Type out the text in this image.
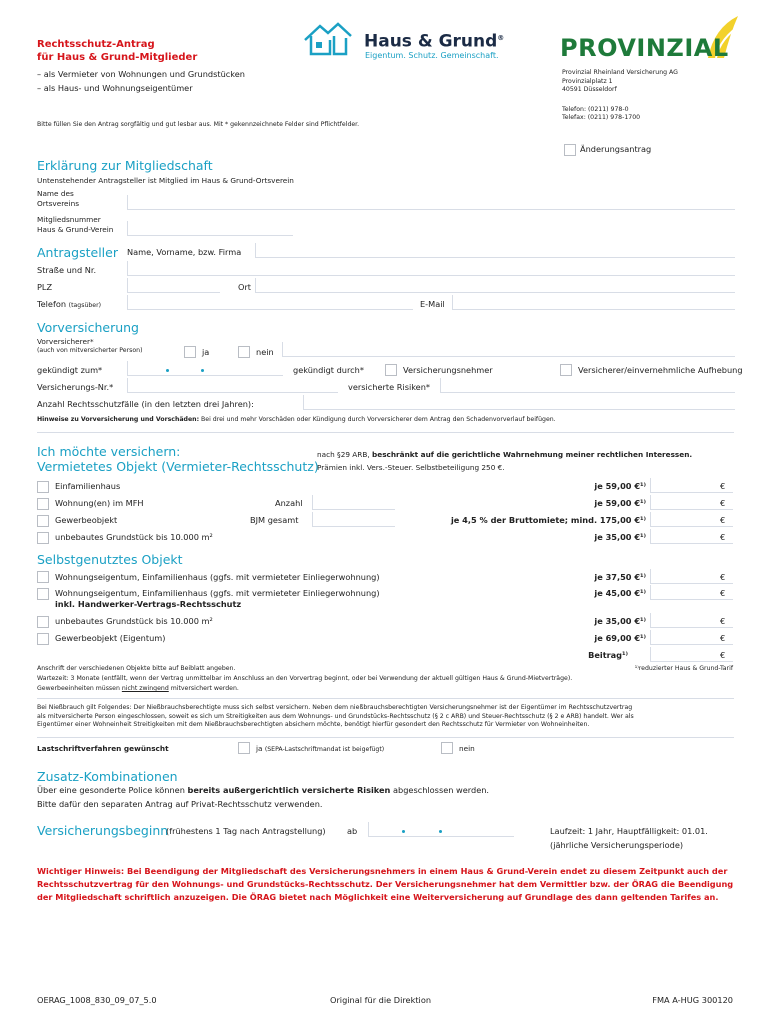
Rechtsschutz-Antrag
für Haus & Grund-Mitglieder
– als Vermieter von Wohnungen und Grundstücken
– als Haus- und Wohnungseigentümer
Bitte füllen Sie den Antrag sorgfältig und gut lesbar aus. Mit * gekennzeichnete Felder sind Pflichtfelder.
Haus & Grund®
Eigentum. Schutz. Gemeinschaft.	PROVINZIAL
Provinzial Rheinland Versicherung AG
Provinzialplatz 1
40591 Düsseldorf
Telefon: (0211) 978-0
Telefax: (0211) 978-1700
Änderungsantrag
Erklärung zur Mitgliedschaft
Untenstehender Antragsteller ist Mitglied im Haus & Grund-Ortsverein
Name des
Ortsvereins
Mitgliedsnummer
Haus & Grund-Verein
Antragsteller Name, Vorname, bzw. Firma
Straße und Nr.
PLZ	Ort
Telefon (tagsüber)	E-Mail
Vorversicherung
Vorversicherer*
(auch von mitversicherter Person)	ja	nein
gekündigt zum*	gekündigt durch*	Versicherungsnehmer	Versicherer/einvernehmliche Aufhebung
Versicherungs-Nr.*	versicherte Risiken*
Anzahl Rechtsschutzfälle (in den letzten drei Jahren):
Hinweise zu Vorversicherung und Vorschäden: Bei drei und mehr Vorschäden oder Kündigung durch Vorversicherer dem Antrag den Schadenvorverlauf beifügen.
Ich möchte versichern:
Vermietetes Objekt (Vermieter-Rechtsschutz)
nach §29 ARB, beschränkt auf die gerichtliche Wahrnehmung meiner rechtlichen Interessen.
Prämien inkl. Vers.-Steuer. Selbstbeteiligung 250 €.
Einfamilienhaus	je 59,00 €¹⁾	€
Wohnung(en) im MFH	Anzahl	je 59,00 €¹⁾	€
Gewerbeobjekt	BJM gesamt	je 4,5 % der Bruttomiete; mind. 175,00 €¹⁾	€
unbebautes Grundstück bis 10.000 m²	je 35,00 €¹⁾	€
Selbstgenutztes Objekt
Wohnungseigentum, Einfamilienhaus (ggfs. mit vermieteter Einliegerwohnung)	je 37,50 €¹⁾	€
Wohnungseigentum, Einfamilienhaus (ggfs. mit vermieteter Einliegerwohnung)
inkl. Handwerker-Vertrags-Rechtsschutz
je 45,00 €¹⁾	€
unbebautes Grundstück bis 10.000 m²	je 35,00 €¹⁾	€
Gewerbeobjekt (Eigentum)	je 69,00 €¹⁾	€
Beitrag¹⁾	€
Anschrift der verschiedenen Objekte bitte auf Beiblatt angeben.	¹⁾reduzierter Haus & Grund-Tarif
Wartezeit: 3 Monate (entfällt, wenn der Vertrag unmittelbar im Anschluss an den Vorvertrag beginnt, oder bei Verwendung der aktuell gültigen Haus & Grund-Mietverträge).
Gewerbeeinheiten müssen nicht zwingend mitversichert werden.
Bei Nießbrauch gilt Folgendes: Der Nießbrauchsberechtigte muss sich selbst versichern. Neben dem nießbrauchsberechtigten Versicherungsnehmer ist der Eigentümer im Rechtsschutzvertrag
als mitversicherte Person eingeschlossen, soweit es sich um Streitigkeiten aus dem Wohnungs- und Grundstücks-Rechtsschutz (§ 2 c ARB) und Steuer-Rechtsschutz (§ 2 e ARB) handelt. Wer als
Eigentümer einer Wohneinheit Streitigkeiten mit dem Nießbrauchsberechtigten absichern möchte, benötigt hierfür gesondert den Rechtsschutz für Vermieter von Wohneinheiten.
Lastschriftverfahren gewünscht	ja (SEPA-Lastschriftmandat ist beigefügt)	nein
Zusatz-Kombinationen
Über eine gesonderte Police können bereits außergerichtlich versicherte Risiken abgeschlossen werden.
Bitte dafür den separaten Antrag auf Privat-Rechtsschutz verwenden.
Versicherungsbeginn
(frühestens 1 Tag nach Antragstellung)	ab	Laufzeit: 1 Jahr, Hauptfälligkeit: 01.01.
(jährliche Versicherungsperiode)
Wichtiger Hinweis: Bei Beendigung der Mitgliedschaft des Versicherungsnehmers in einem Haus & Grund-Verein endet zu diesem Zeitpunkt auch der
Rechtsschutzvertrag für den Wohnungs- und Grundstücks-Rechtsschutz. Der Versicherungsnehmer hat dem Vermittler bzw. der ÖRAG die Beendigung
der Mitgliedschaft schriftlich anzuzeigen. Die ÖRAG bietet nach Möglichkeit eine Weiterversicherung auf Grundlage des dann geltenden Tarifes an.
OERAG_1008_830_09_07_5.0	Original für die Direktion	FMA A-HUG 300120
